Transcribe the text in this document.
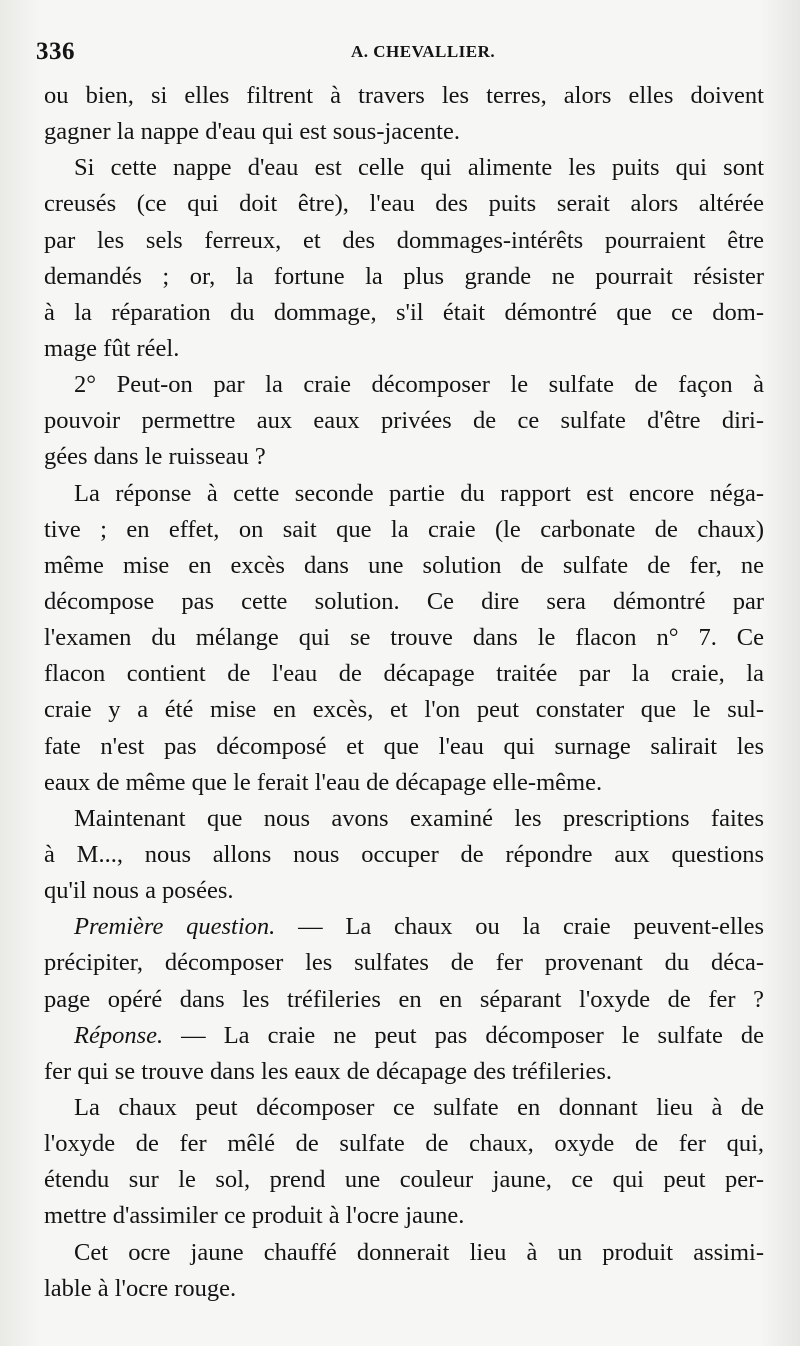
336	A. CHEVALLIER.
ou bien, si elles filtrent à travers les terres, alors elles doivent
gagner la nappe d'eau qui est sous-jacente.
Si cette nappe d'eau est celle qui alimente les puits qui sont
creusés (ce qui doit être), l'eau des puits serait alors altérée
par les sels ferreux, et des dommages-intérêts pourraient être
demandés ; or, la fortune la plus grande ne pourrait résister
à la réparation du dommage, s'il était démontré que ce dom-
mage fût réel.
2° Peut-on par la craie décomposer le sulfate de façon à
pouvoir permettre aux eaux privées de ce sulfate d'être diri-
gées dans le ruisseau ?
La réponse à cette seconde partie du rapport est encore néga-
tive ; en effet, on sait que la craie (le carbonate de chaux)
même mise en excès dans une solution de sulfate de fer, ne
décompose pas cette solution. Ce dire sera démontré par
l'examen du mélange qui se trouve dans le flacon n° 7. Ce
flacon contient de l'eau de décapage traitée par la craie, la
craie y a été mise en excès, et l'on peut constater que le sul-
fate n'est pas décomposé et que l'eau qui surnage salirait les
eaux de même que le ferait l'eau de décapage elle-même.
Maintenant que nous avons examiné les prescriptions faites
à M..., nous allons nous occuper de répondre aux questions
qu'il nous a posées.
Première question. — La chaux ou la craie peuvent-elles
précipiter, décomposer les sulfates de fer provenant du déca-
page opéré dans les tréfileries en en séparant l'oxyde de fer ?
Réponse. — La craie ne peut pas décomposer le sulfate de
fer qui se trouve dans les eaux de décapage des tréfileries.
La chaux peut décomposer ce sulfate en donnant lieu à de
l'oxyde de fer mêlé de sulfate de chaux, oxyde de fer qui,
étendu sur le sol, prend une couleur jaune, ce qui peut per-
mettre d'assimiler ce produit à l'ocre jaune.
Cet ocre jaune chauffé donnerait lieu à un produit assimi-
lable à l'ocre rouge.
